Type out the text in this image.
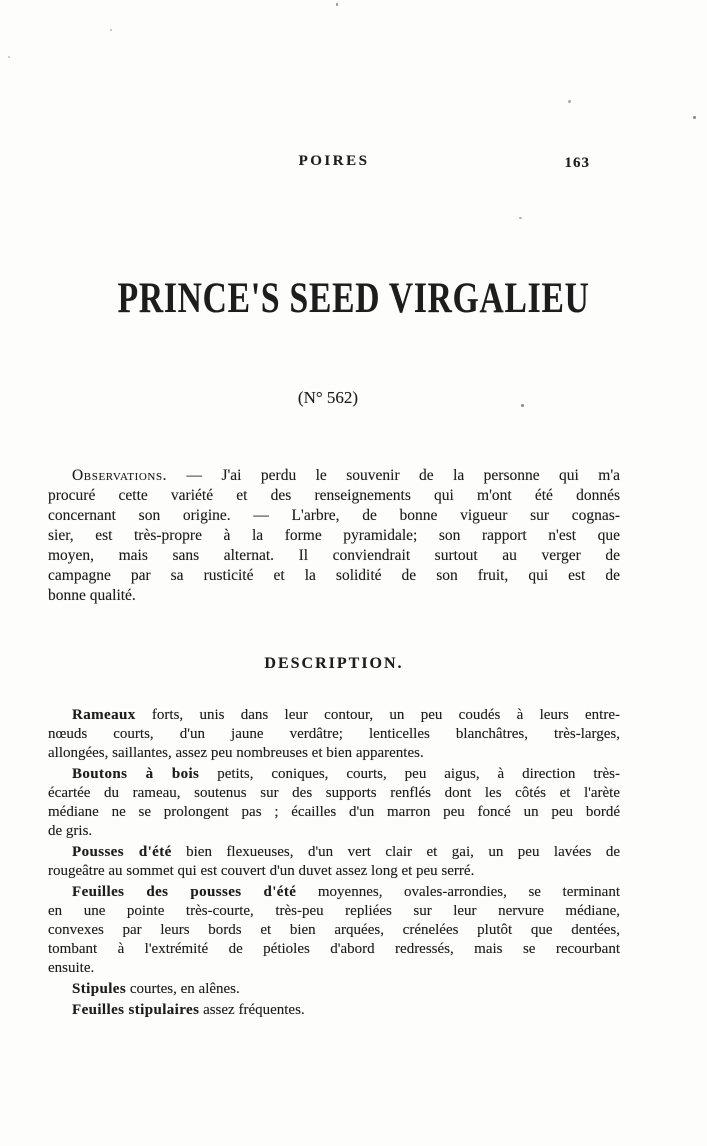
POIRES	163
PRINCE'S SEED VIRGALIEU
(N° 562)
Observations. — J'ai perdu le souvenir de la personne qui m'a
procuré cette variété et des renseignements qui m'ont été donnés
concernant son origine. — L'arbre, de bonne vigueur sur cognas-
sier, est très-propre à la forme pyramidale; son rapport n'est que
moyen, mais sans alternat. Il conviendrait surtout au verger de
campagne par sa rusticité et la solidité de son fruit, qui est de
bonne qualité.
DESCRIPTION.
Rameaux forts, unis dans leur contour, un peu coudés à leurs entre-
nœuds courts, d'un jaune verdâtre; lenticelles blanchâtres, très-larges,
allongées, saillantes, assez peu nombreuses et bien apparentes.
Boutons à bois petits, coniques, courts, peu aigus, à direction très-
écartée du rameau, soutenus sur des supports renflés dont les côtés et l'arète
médiane ne se prolongent pas ; écailles d'un marron peu foncé un peu bordé
de gris.
Pousses d'été bien flexueuses, d'un vert clair et gai, un peu lavées de
rougeâtre au sommet qui est couvert d'un duvet assez long et peu serré.
Feuilles des pousses d'été moyennes, ovales-arrondies, se terminant
en une pointe très-courte, très-peu repliées sur leur nervure médiane,
convexes par leurs bords et bien arquées, crénelées plutôt que dentées,
tombant à l'extrémité de pétioles d'abord redressés, mais se recourbant
ensuite.
Stipules courtes, en alênes.
Feuilles stipulaires assez fréquentes.
